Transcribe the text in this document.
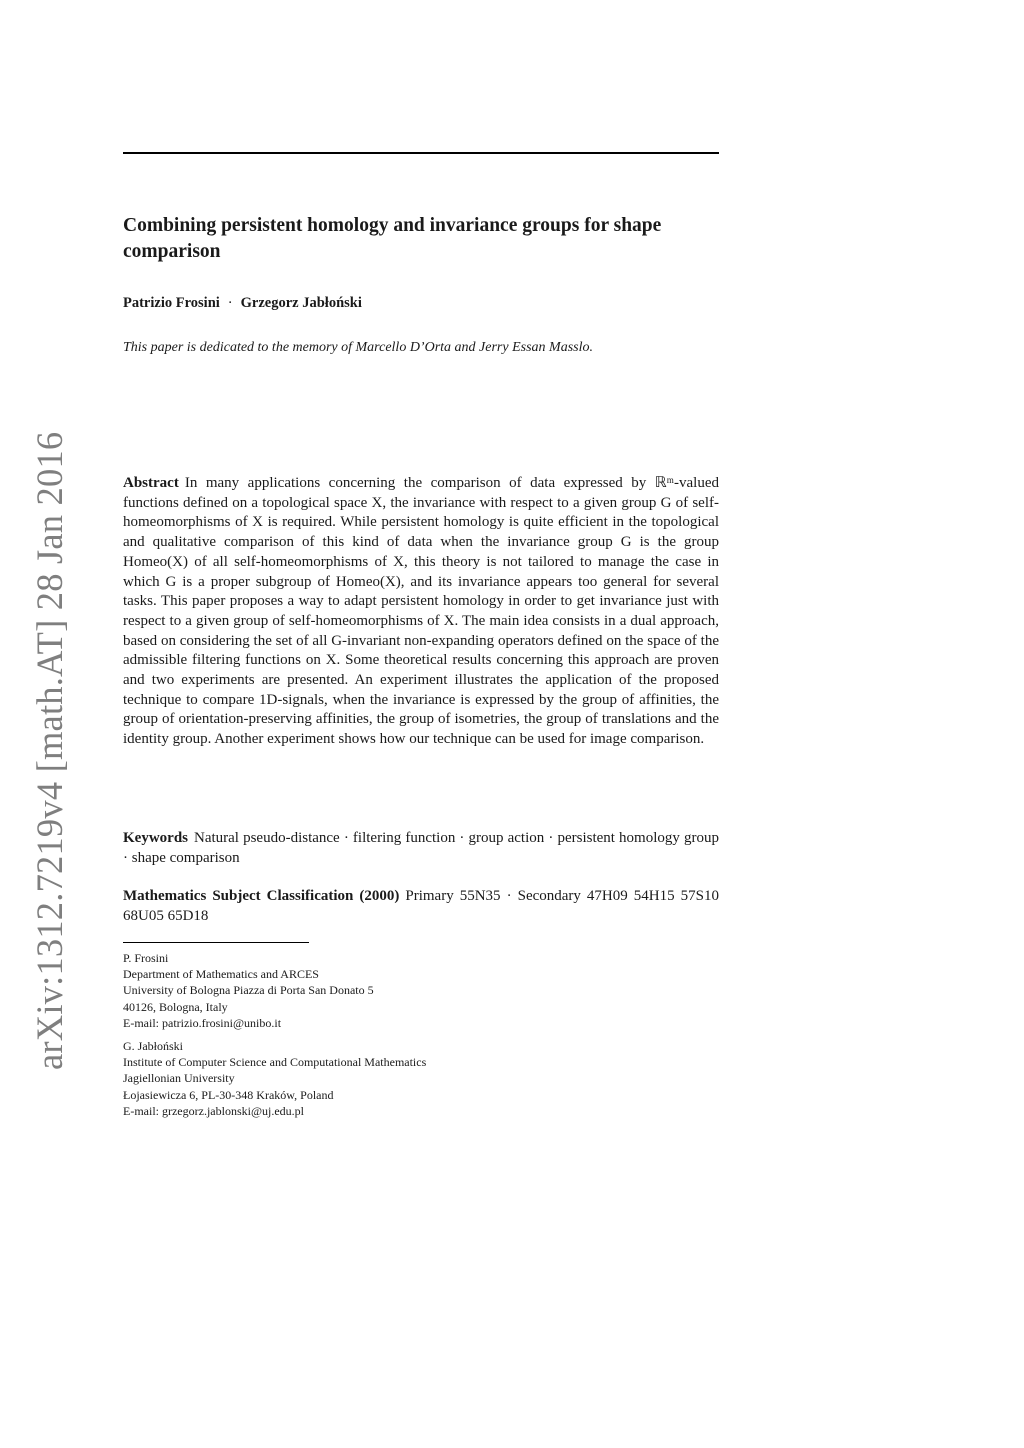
arXiv:1312.7219v4 [math.AT] 28 Jan 2016
Combining persistent homology and invariance groups for shape comparison
Patrizio Frosini · Grzegorz Jabłoński
This paper is dedicated to the memory of Marcello D’Orta and Jerry Essan Masslo.
Abstract In many applications concerning the comparison of data expressed by ℝᵐ-valued functions defined on a topological space X, the invariance with respect to a given group G of self-homeomorphisms of X is required. While persistent homology is quite efficient in the topological and qualitative comparison of this kind of data when the invariance group G is the group Homeo(X) of all self-homeomorphisms of X, this theory is not tailored to manage the case in which G is a proper subgroup of Homeo(X), and its invariance appears too general for several tasks. This paper proposes a way to adapt persistent homology in order to get invariance just with respect to a given group of self-homeomorphisms of X. The main idea consists in a dual approach, based on considering the set of all G-invariant non-expanding operators defined on the space of the admissible filtering functions on X. Some theoretical results concerning this approach are proven and two experiments are presented. An experiment illustrates the application of the proposed technique to compare 1D-signals, when the invariance is expressed by the group of affinities, the group of orientation-preserving affinities, the group of isometries, the group of translations and the identity group. Another experiment shows how our technique can be used for image comparison.
Keywords Natural pseudo-distance · filtering function · group action · persistent homology group · shape comparison
Mathematics Subject Classification (2000) Primary 55N35 · Secondary 47H09 54H15 57S10 68U05 65D18
P. Frosini
Department of Mathematics and ARCES
University of Bologna Piazza di Porta San Donato 5
40126, Bologna, Italy
E-mail: patrizio.frosini@unibo.it
G. Jabłoński
Institute of Computer Science and Computational Mathematics
Jagiellonian University
Łojasiewicza 6, PL-30-348 Kraków, Poland
E-mail: grzegorz.jablonski@uj.edu.pl
